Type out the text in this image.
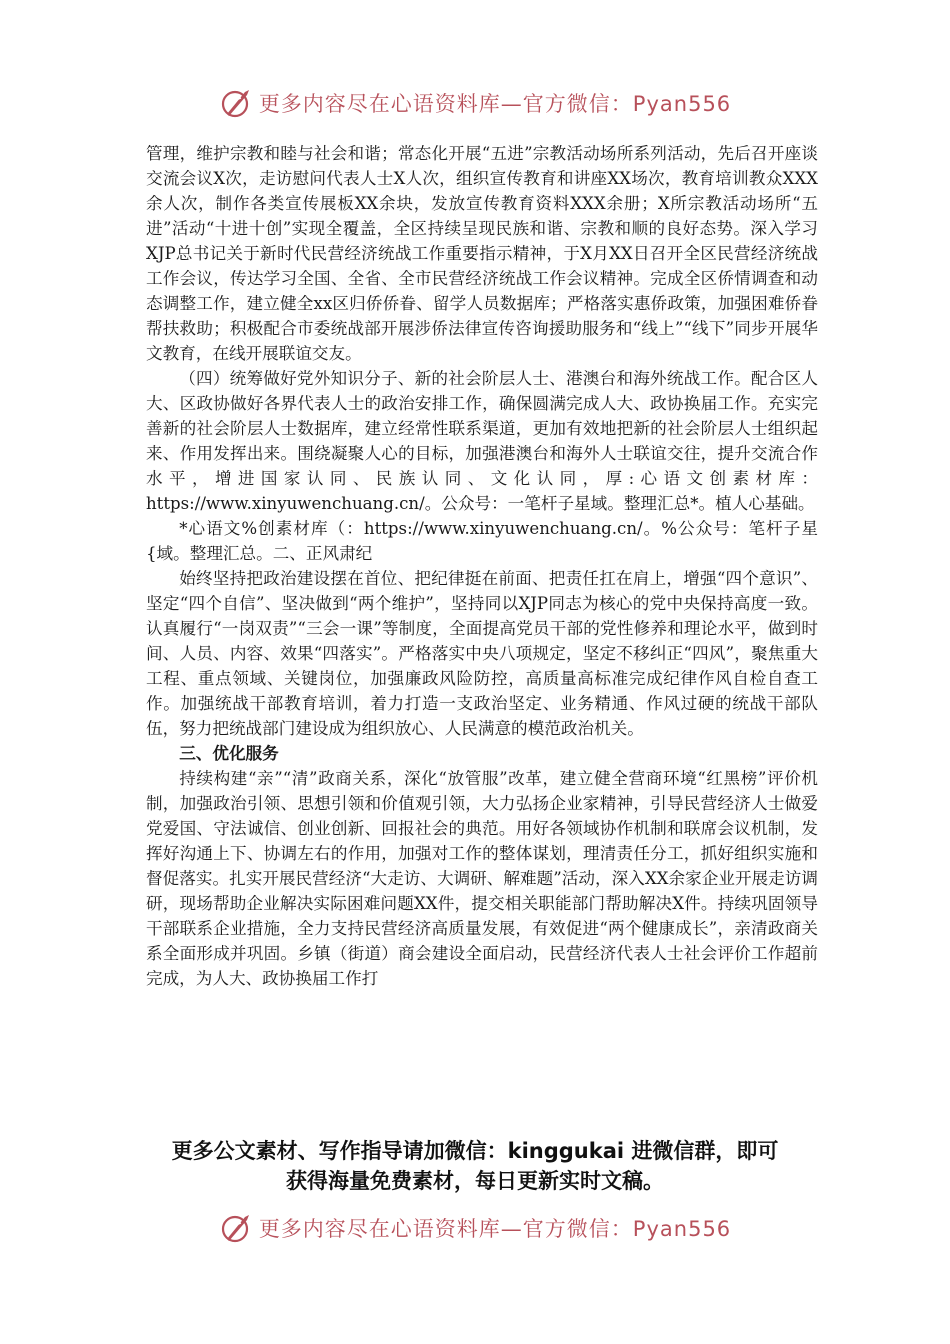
更多内容尽在心语资料库—官方微信：Pyan556

管理，维护宗教和睦与社会和谐；常态化开展“五进”宗教活动场所系列活动，先后召开座谈交流会议X次，走访慰问代表人士X人次，组织宣传教育和讲座XX场次，教育培训教众XXX余人次，制作各类宣传展板XX余块，发放宣传教育资料XXX余册；X所宗教活动场所“五进”活动“十进十创”实现全覆盖，全区持续呈现民族和谐、宗教和顺的良好态势。深入学习XJP总书记关于新时代民营经济统战工作重要指示精神，于X月XX日召开全区民营经济统战工作会议，传达学习全国、全省、全市民营经济统战工作会议精神。完成全区侨情调查和动态调整工作，建立健全xx区归侨侨眷、留学人员数据库；严格落实惠侨政策，加强困难侨眷帮扶救助；积极配合市委统战部开展涉侨法律宣传咨询援助服务和“线上”“线下”同步开展华文教育，在线开展联谊交友。

（四）统筹做好党外知识分子、新的社会阶层人士、港澳台和海外统战工作。配合区人大、区政协做好各界代表人士的政治安排工作，确保圆满完成人大、政协换届工作。充实完善新的社会阶层人士数据库，建立经常性联系渠道，更加有效地把新的社会阶层人士组织起来、作用发挥出来。围绕凝聚人心的目标，加强港澳台和海外人士联谊交往，提升交流合作水平，增进国家认同、民族认同、文化认同，厚:心语文创素材库：https://www.xinyuwenchuang.cn/。公众号：一笔杆子星域。整理汇总*。植人心基础。

*心语文%创素材库（：https://www.xinyuwenchuang.cn/。%公众号：笔杆子星{域。整理汇总。二、正风肃纪

始终坚持把政治建设摆在首位、把纪律挺在前面、把责任扛在肩上，增强“四个意识”、坚定“四个自信”、坚决做到“两个维护”，坚持同以XJP同志为核心的党中央保持高度一致。认真履行“一岗双责”“三会一课”等制度，全面提高党员干部的党性修养和理论水平，做到时间、人员、内容、效果“四落实”。严格落实中央八项规定，坚定不移纠正“四风”，聚焦重大工程、重点领域、关键岗位，加强廉政风险防控，高质量高标准完成纪律作风自检自查工作。加强统战干部教育培训，着力打造一支政治坚定、业务精通、作风过硬的统战干部队伍，努力把统战部门建设成为组织放心、人民满意的模范政治机关。

三、优化服务

持续构建“亲”“清”政商关系，深化“放管服”改革，建立健全营商环境“红黑榜”评价机制，加强政治引领、思想引领和价值观引领，大力弘扬企业家精神，引导民营经济人士做爱党爱国、守法诚信、创业创新、回报社会的典范。用好各领域协作机制和联席会议机制，发挥好沟通上下、协调左右的作用，加强对工作的整体谋划，理清责任分工，抓好组织实施和督促落实。扎实开展民营经济“大走访、大调研、解难题”活动，深入XX余家企业开展走访调研，现场帮助企业解决实际困难问题XX件，提交相关职能部门帮助解决X件。持续巩固领导干部联系企业措施，全力支持民营经济高质量发展，有效促进“两个健康成长”，亲清政商关系全面形成并巩固。乡镇（街道）商会建设全面启动，民营经济代表人士社会评价工作超前完成，为人大、政协换届工作打

更多公文素材、写作指导请加微信：kinggukai 进微信群，即可
获得海量免费素材，每日更新实时文稿。
更多内容尽在心语资料库—官方微信：Pyan556
